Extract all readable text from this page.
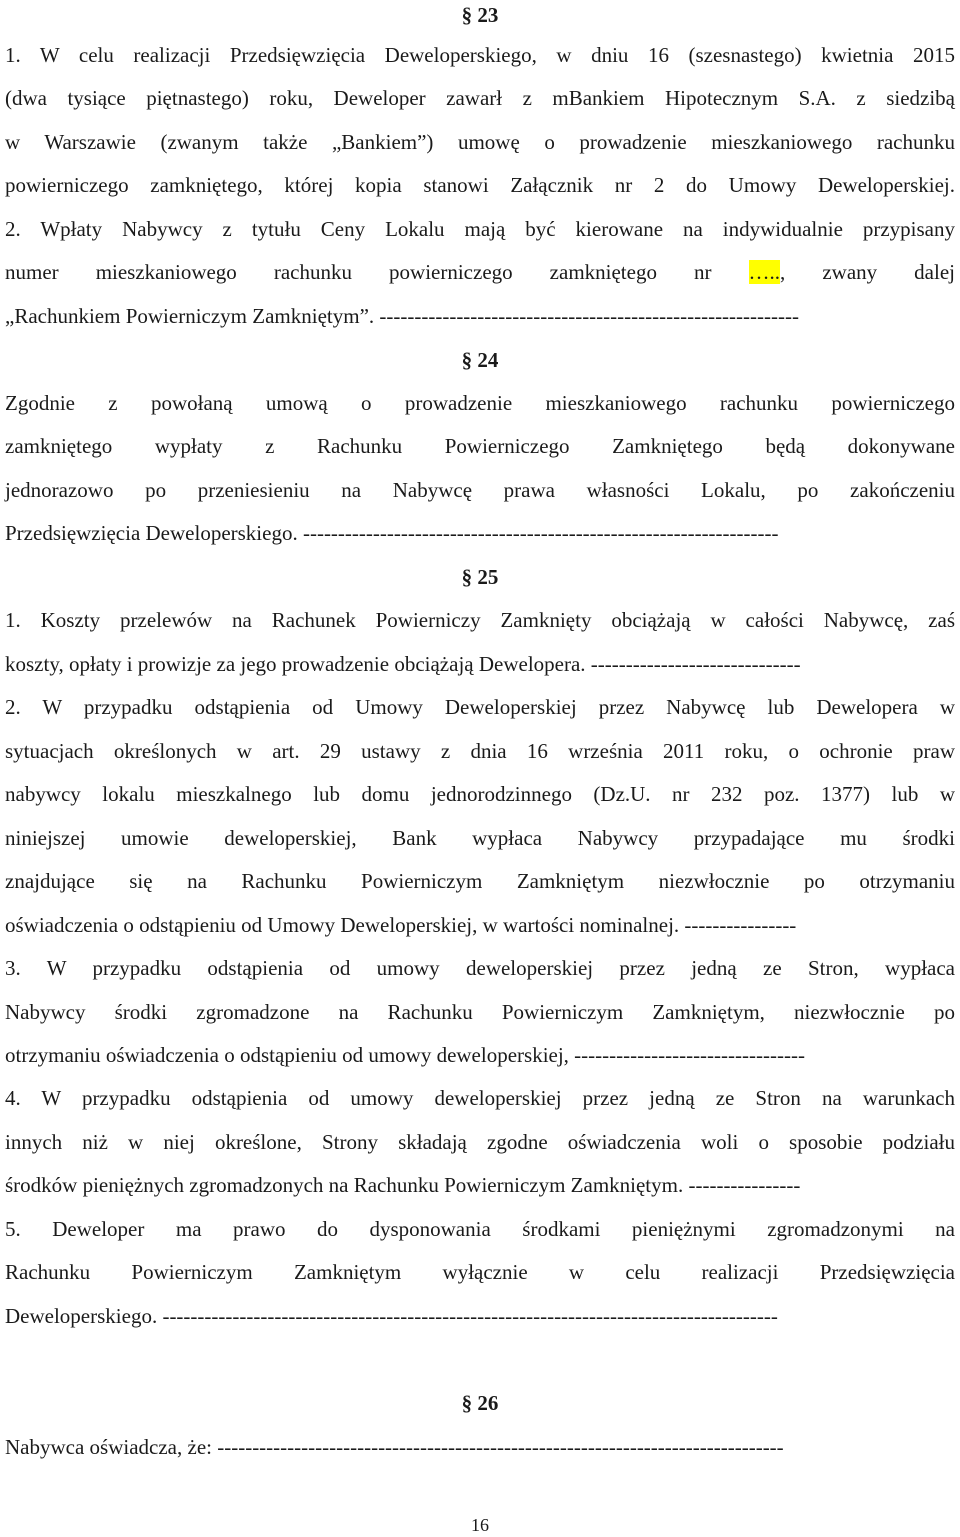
§ 23
1. W celu realizacji Przedsięwzięcia Deweloperskiego, w dniu 16 (szesnastego) kwietnia 2015
(dwa tysiące piętnastego) roku, Deweloper zawarł z mBankiem Hipotecznym S.A. z siedzibą
w Warszawie (zwanym także „Bankiem”) umowę o prowadzenie mieszkaniowego rachunku
powierniczego zamkniętego, której kopia stanowi Załącznik nr 2 do Umowy Deweloperskiej.
2. Wpłaty Nabywcy z tytułu Ceny Lokalu mają być kierowane na indywidualnie przypisany
numer mieszkaniowego rachunku powierniczego zamkniętego nr ….., zwany dalej
„Rachunkiem Powierniczym Zamkniętym”. ------------------------------------------------------------
§ 24
Zgodnie z powołaną umową o prowadzenie mieszkaniowego rachunku powierniczego
zamkniętego wypłaty z Rachunku Powierniczego Zamkniętego będą dokonywane
jednorazowo po przeniesieniu na Nabywcę prawa własności Lokalu, po zakończeniu
Przedsięwzięcia Deweloperskiego. --------------------------------------------------------------------
§ 25
1. Koszty przelewów na Rachunek Powierniczy Zamknięty obciążają w całości Nabywcę, zaś
koszty, opłaty i prowizje za jego prowadzenie obciążają Dewelopera. ------------------------------
2. W przypadku odstąpienia od Umowy Deweloperskiej przez Nabywcę lub Dewelopera w
sytuacjach określonych w art. 29 ustawy z dnia 16 września 2011 roku, o ochronie praw
nabywcy lokalu mieszkalnego lub domu jednorodzinnego (Dz.U. nr 232 poz. 1377) lub w
niniejszej umowie deweloperskiej, Bank wypłaca Nabywcy przypadające mu środki
znajdujące się na Rachunku Powierniczym Zamkniętym niezwłocznie po otrzymaniu
oświadczenia o odstąpieniu od Umowy Deweloperskiej, w wartości nominalnej. ----------------
3. W przypadku odstąpienia od umowy deweloperskiej przez jedną ze Stron, wypłaca
Nabywcy środki zgromadzone na Rachunku Powierniczym Zamkniętym, niezwłocznie po
otrzymaniu oświadczenia o odstąpieniu od umowy deweloperskiej, ---------------------------------
4. W przypadku odstąpienia od umowy deweloperskiej przez jedną ze Stron na warunkach
innych niż w niej określone, Strony składają zgodne oświadczenia woli o sposobie podziału
środków pieniężnych zgromadzonych na Rachunku Powierniczym Zamkniętym. ----------------
5. Deweloper ma prawo do dysponowania środkami pieniężnymi zgromadzonymi na
Rachunku Powierniczym Zamkniętym wyłącznie w celu realizacji Przedsięwzięcia
Deweloperskiego. ----------------------------------------------------------------------------------------
§ 26
Nabywca oświadcza, że: ---------------------------------------------------------------------------------
16
